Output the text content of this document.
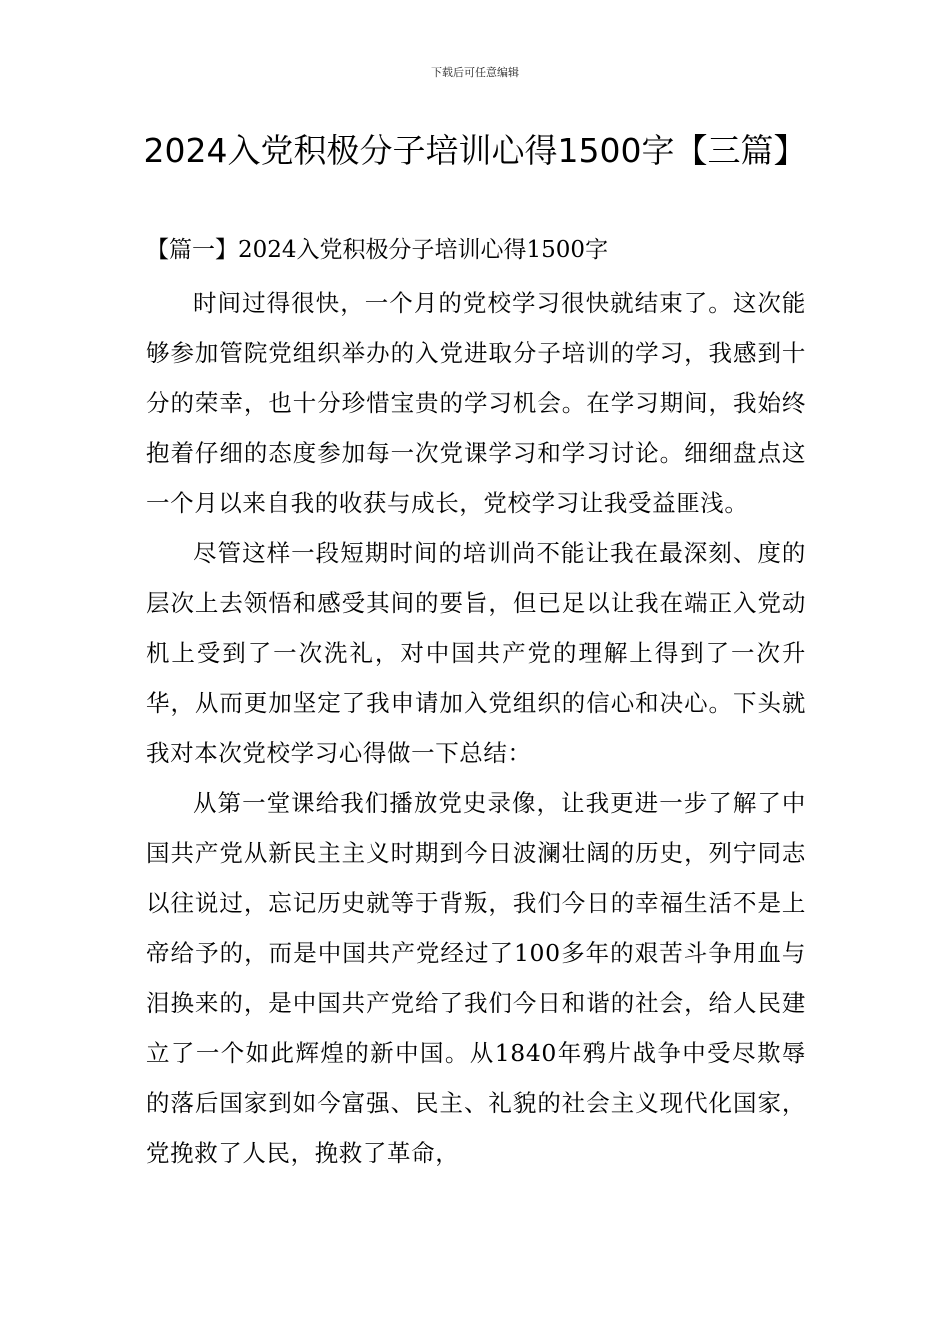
下载后可任意编辑
2024入党积极分子培训心得1500字【三篇】
【篇一】2024入党积极分子培训心得1500字

时间过得很快，一个月的党校学习很快就结束了。这次能够参加管院党组织举办的入党进取分子培训的学习，我感到十分的荣幸，也十分珍惜宝贵的学习机会。在学习期间，我始终抱着仔细的态度参加每一次党课学习和学习讨论。细细盘点这一个月以来自我的收获与成长，党校学习让我受益匪浅。

尽管这样一段短期时间的培训尚不能让我在最深刻、度的层次上去领悟和感受其间的要旨，但已足以让我在端正入党动机上受到了一次洗礼，对中国共产党的理解上得到了一次升华，从而更加坚定了我申请加入党组织的信心和决心。下头就我对本次党校学习心得做一下总结：

从第一堂课给我们播放党史录像，让我更进一步了解了中国共产党从新民主主义时期到今日波澜壮阔的历史，列宁同志以往说过，忘记历史就等于背叛，我们今日的幸福生活不是上帝给予的，而是中国共产党经过了100多年的艰苦斗争用血与泪换来的，是中国共产党给了我们今日和谐的社会，给人民建立了一个如此辉煌的新中国。从1840年鸦片战争中受尽欺辱的落后国家到如今富强、民主、礼貌的社会主义现代化国家，党挽救了人民，挽救了革命，
